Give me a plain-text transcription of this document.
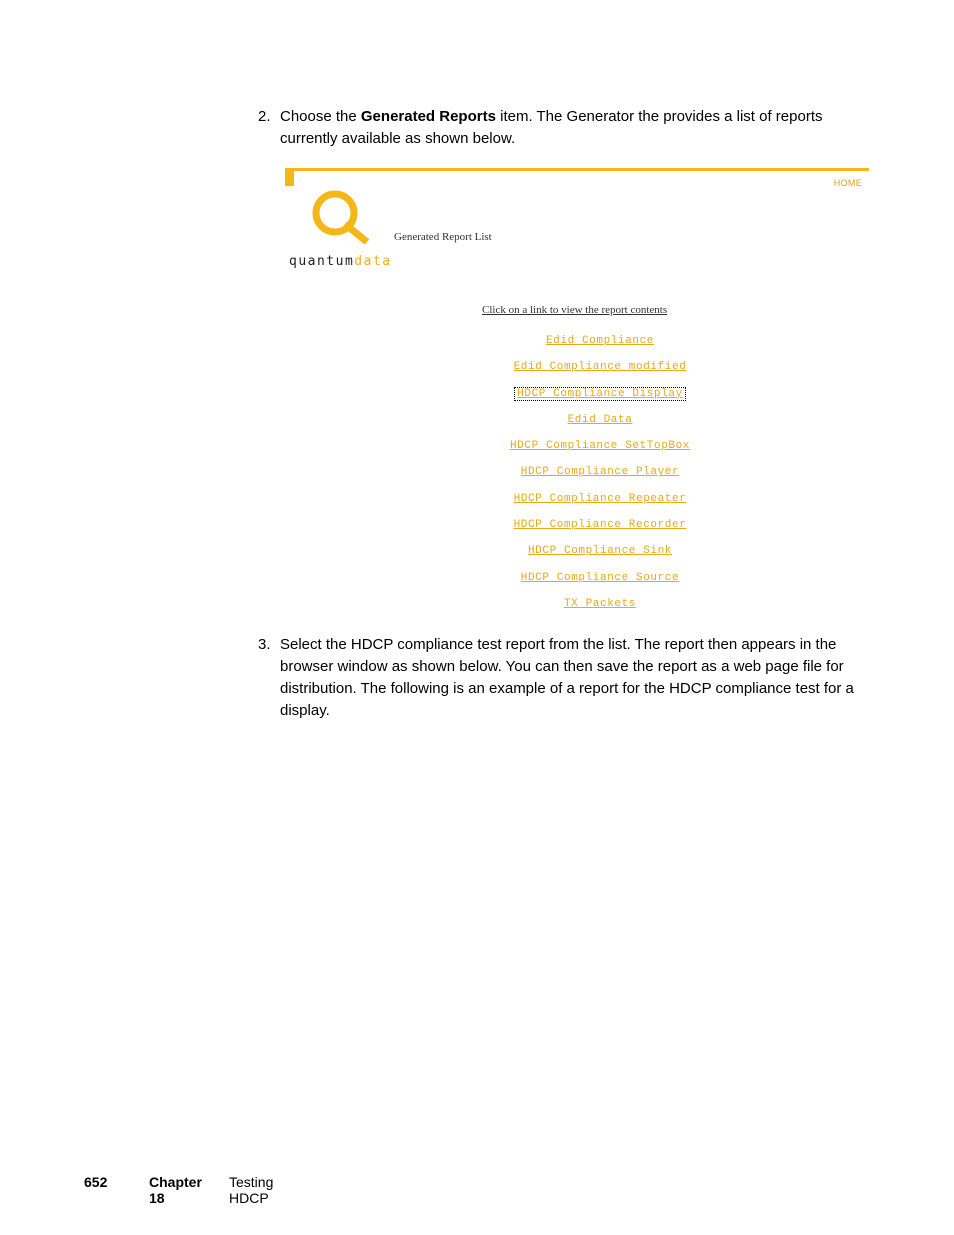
2. Choose the Generated Reports item. The Generator the provides a list of reports currently available as shown below.
HOME
quantumdata
Generated Report List
Click on a link to view the report contents
Edid Compliance
Edid Compliance modified
HDCP Compliance Display
Edid Data
HDCP Compliance SetTopBox
HDCP Compliance Player
HDCP Compliance Repeater
HDCP Compliance Recorder
HDCP Compliance Sink
HDCP Compliance Source
TX Packets
3. Select the HDCP compliance test report from the list. The report then appears in the browser window as shown below. You can then save the report as a web page file for distribution. The following is an example of a report for the HDCP compliance test for a display.
652	Chapter 18
Testing HDCP
